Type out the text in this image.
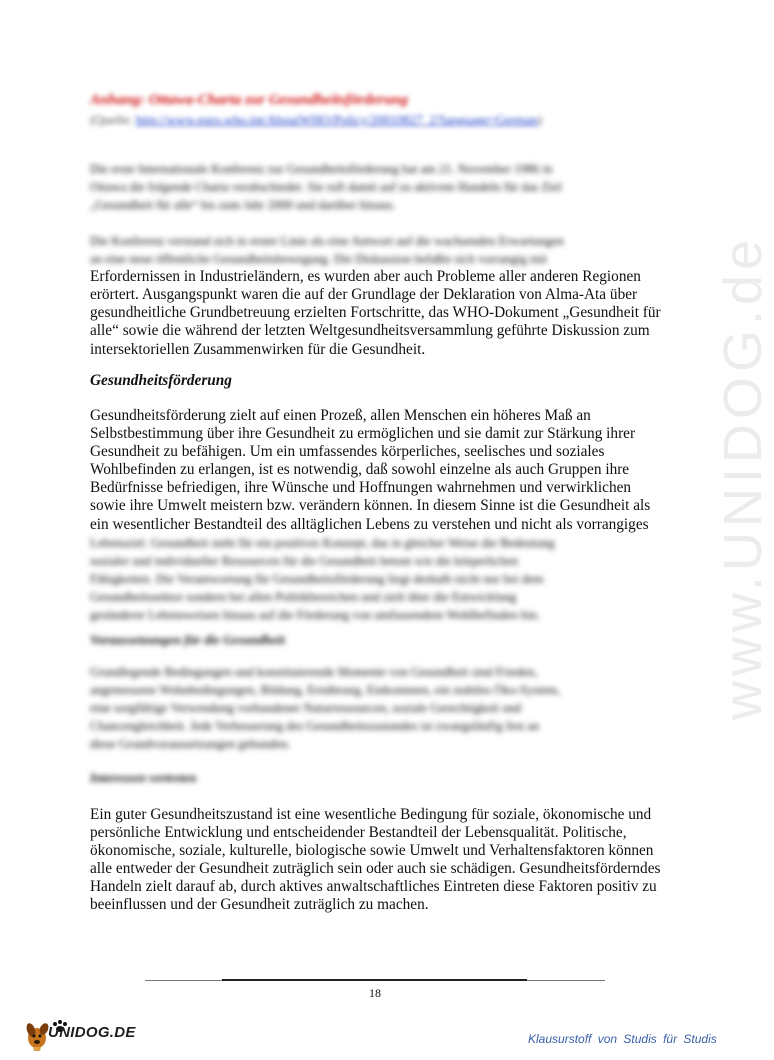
www.UNIDOG.de
Anhang: Ottawa-Charta zur Gesundheitsförderung
(Quelle: http://www.euro.who.int/AboutWHO/Policy/20010827_2?language=German)
Die erste Internationale Konferenz zur Gesundheitsförderung hat am 21. November 1986 in
Ottawa die folgende Charta verabschiedet. Sie ruft damit auf zu aktivem Handeln für das Ziel
„Gesundheit für alle“ bis zum Jahr 2000 und darüber hinaus.
Die Konferenz verstand sich in erster Linie als eine Antwort auf die wachsenden Erwartungen
an eine neue öffentliche Gesundheitsbewegung. Die Diskussion befaßte sich vorrangig mit
Erfordernissen in Industrieländern, es wurden aber auch Probleme aller anderen Regionen
erörtert. Ausgangspunkt waren die auf der Grundlage der Deklaration von Alma-Ata über
gesundheitliche Grundbetreuung erzielten Fortschritte, das WHO-Dokument „Gesundheit für
alle“ sowie die während der letzten Weltgesundheitsversammlung geführte Diskussion zum
intersektoriellen Zusammenwirken für die Gesundheit.
Gesundheitsförderung
Gesundheitsförderung zielt auf einen Prozeß, allen Menschen ein höheres Maß an
Selbstbestimmung über ihre Gesundheit zu ermöglichen und sie damit zur Stärkung ihrer
Gesundheit zu befähigen. Um ein umfassendes körperliches, seelisches und soziales
Wohlbefinden zu erlangen, ist es notwendig, daß sowohl einzelne als auch Gruppen ihre
Bedürfnisse befriedigen, ihre Wünsche und Hoffnungen wahrnehmen und verwirklichen
sowie ihre Umwelt meistern bzw. verändern können. In diesem Sinne ist die Gesundheit als
ein wesentlicher Bestandteil des alltäglichen Lebens zu verstehen und nicht als vorrangiges
Lebensziel. Gesundheit steht für ein positives Konzept, das in gleicher Weise die Bedeutung
sozialer und individueller Ressourcen für die Gesundheit betont wie die körperlichen
Fähigkeiten. Die Verantwortung für Gesundheitsförderung liegt deshalb nicht nur bei dem
Gesundheitssektor sondern bei allen Politikbereichen und zielt über die Entwicklung
gesünderer Lebensweisen hinaus auf die Förderung von umfassendem Wohlbefinden hin.
Voraussetzungen für die Gesundheit
Grundlegende Bedingungen und konstituierende Momente von Gesundheit sind Frieden,
angemessene Wohnbedingungen, Bildung, Ernährung, Einkommen, ein stabiles Öko-System,
eine sorgfältige Verwendung vorhandener Naturressourcen, soziale Gerechtigkeit und
Chancengleichheit. Jede Verbesserung des Gesundheitszustandes ist zwangsläufig fest an
diese Grundvoraussetzungen gebunden.
Interessen vertreten
Ein guter Gesundheitszustand ist eine wesentliche Bedingung für soziale, ökonomische und
persönliche Entwicklung und entscheidender Bestandteil der Lebensqualität. Politische,
ökonomische, soziale, kulturelle, biologische sowie Umwelt und Verhaltensfaktoren können
alle entweder der Gesundheit zuträglich sein oder auch sie schädigen. Gesundheitsförderndes
Handeln zielt darauf ab, durch aktives anwaltschaftliches Eintreten diese Faktoren positiv zu
beeinflussen und der Gesundheit zuträglich zu machen.
18
UNIDOG.DE	Klausurstoff von Studis für Studis
